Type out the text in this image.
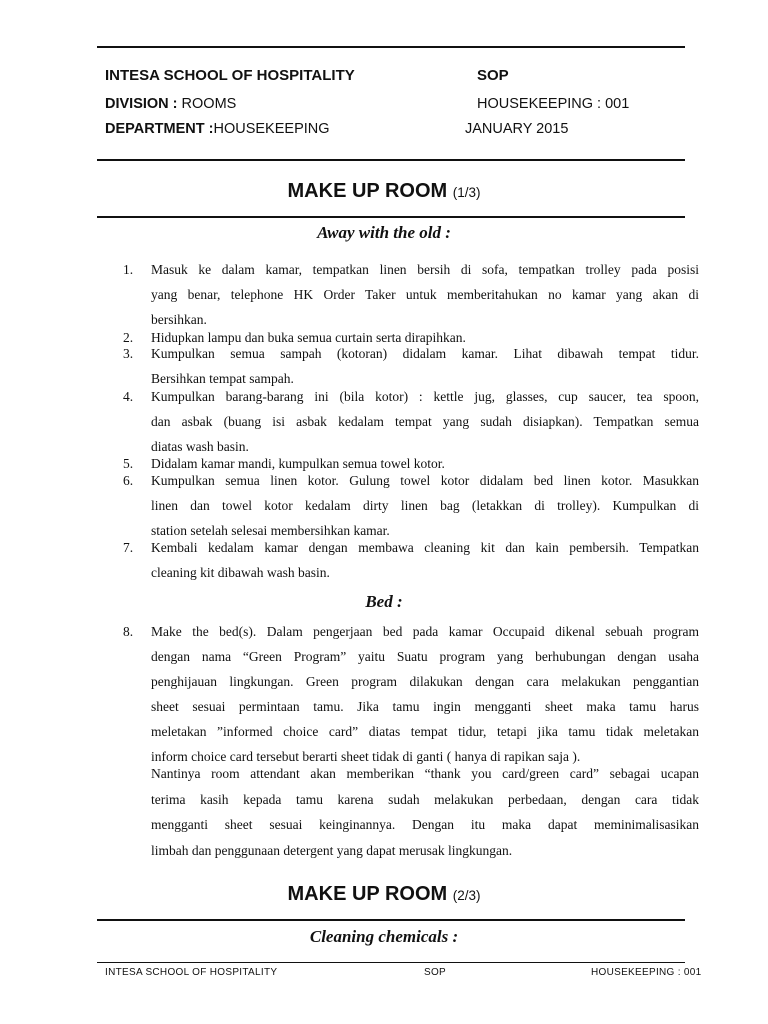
INTESA SCHOOL OF HOSPITALITY	SOP
DIVISION : ROOMS	HOUSEKEEPING : 001
DEPARTMENT :HOUSEKEEPING	JANUARY 2015
MAKE UP ROOM (1/3)
Away with the old :
1. Masuk ke dalam kamar, tempatkan linen bersih di sofa, tempatkan trolley pada posisi
yang benar, telephone HK Order Taker untuk memberitahukan no kamar yang akan di
bersihkan.
2. Hidupkan lampu dan buka semua curtain serta dirapihkan.
3. Kumpulkan semua sampah (kotoran) didalam kamar. Lihat dibawah tempat tidur.
Bersihkan tempat sampah.
4. Kumpulkan barang-barang ini (bila kotor) : kettle jug, glasses, cup saucer, tea spoon,
dan asbak (buang isi asbak kedalam tempat yang sudah disiapkan). Tempatkan semua
diatas wash basin.
5. Didalam kamar mandi, kumpulkan semua towel kotor.
6. Kumpulkan semua linen kotor. Gulung towel kotor didalam bed linen kotor. Masukkan
linen dan towel kotor kedalam dirty linen bag (letakkan di trolley). Kumpulkan di
station setelah selesai membersihkan kamar.
7. Kembali kedalam kamar dengan membawa cleaning kit dan kain pembersih. Tempatkan
cleaning kit dibawah wash basin.
Bed :
8. Make the bed(s). Dalam pengerjaan bed pada kamar Occupaid dikenal sebuah program
dengan nama “Green Program” yaitu Suatu program yang berhubungan dengan usaha
penghijauan lingkungan. Green program dilakukan dengan cara melakukan penggantian
sheet sesuai permintaan tamu. Jika tamu ingin mengganti sheet maka tamu harus
meletakan ”informed choice card” diatas tempat tidur, tetapi jika tamu tidak meletakan
inform choice card tersebut berarti sheet tidak di ganti ( hanya di rapikan saja ).
Nantinya room attendant akan memberikan “thank you card/green card” sebagai ucapan
terima kasih kepada tamu karena sudah melakukan perbedaan, dengan cara tidak
mengganti sheet sesuai keinginannya. Dengan itu maka dapat meminimalisasikan
limbah dan penggunaan detergent yang dapat merusak lingkungan.
MAKE UP ROOM (2/3)
Cleaning chemicals :
INTESA SCHOOL OF HOSPITALITY	SOP	HOUSEKEEPING : 001
